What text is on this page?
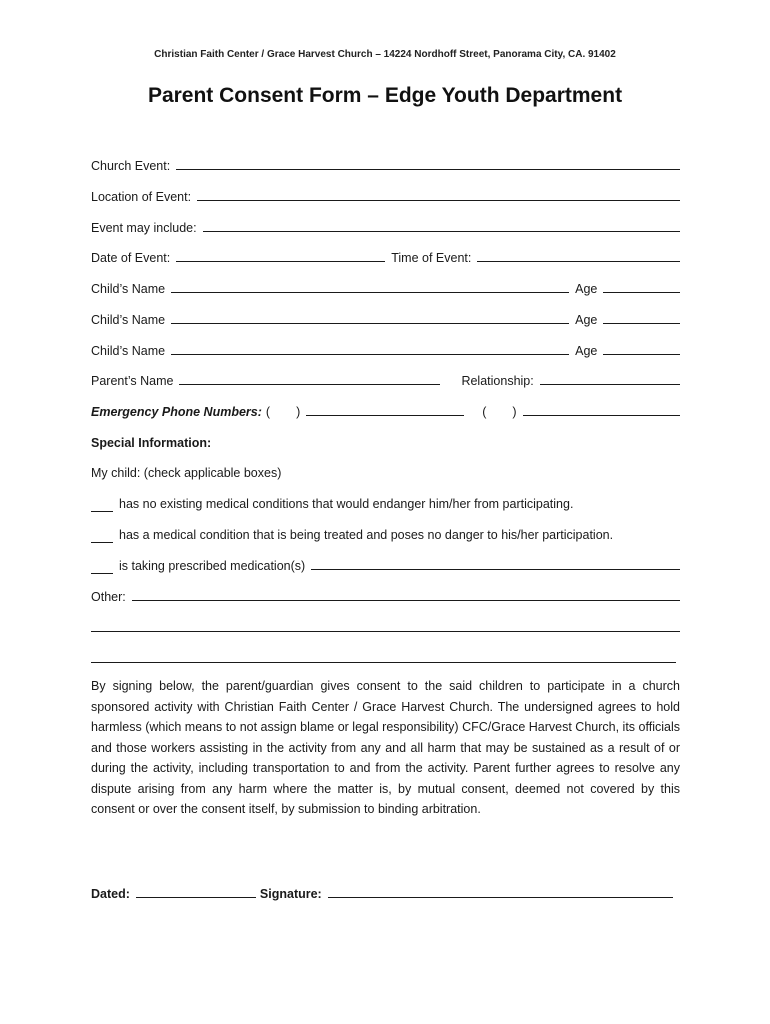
Christian Faith Center / Grace Harvest Church – 14224 Nordhoff Street, Panorama City, CA. 91402
Parent Consent Form – Edge Youth Department
Church Event:
Location of Event:
Event may include:
Date of Event:	Time of Event:
Child’s Name	Age
Child’s Name	Age
Child’s Name	Age
Parent’s Name	Relationship:
Emergency Phone Numbers: ( )	( )
Special Information:
My child: (check applicable boxes)
has no existing medical conditions that would endanger him/her from participating.
has a medical condition that is being treated and poses no danger to his/her participation.
is taking prescribed medication(s)
Other:
By signing below, the parent/guardian gives consent to the said children to participate in a church sponsored activity with Christian Faith Center / Grace Harvest Church. The undersigned agrees to hold harmless (which means to not assign blame or legal responsibility) CFC/Grace Harvest Church, its officials and those workers assisting in the activity from any and all harm that may be sustained as a result of or during the activity, including transportation to and from the activity. Parent further agrees to resolve any dispute arising from any harm where the matter is, by mutual consent, deemed not covered by this consent or over the consent itself, by submission to binding arbitration.
Dated:	Signature:
